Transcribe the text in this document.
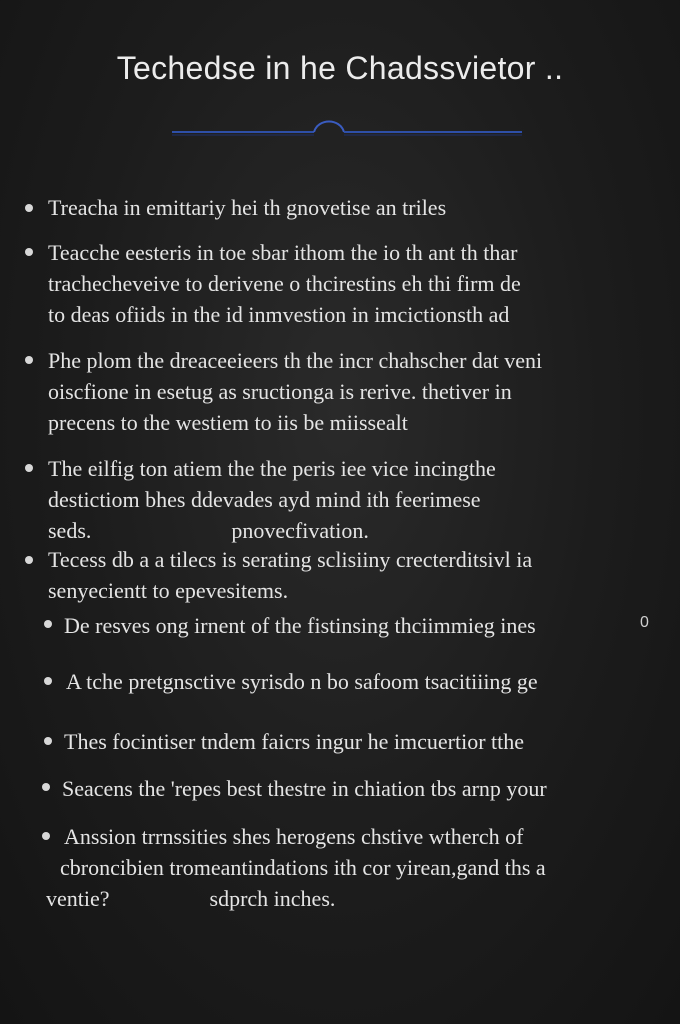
Techedse in he Chadssvietor ..
Treacha in emittariy hei th gnovetise an triles
Teacche eesteris in toe sbar ithom the io th ant th thar
trachecheveive to derivene o thcirestins eh thi firm de
to deas ofiids in the id inmvestion in imcictionsth ad
Phe plom the dreaceeieers th the incr chahscher dat veni
oiscfione in esetug as sructionga is rerive. thetiver in
precens to the westiem to iis be miissealt
The eilfig ton atiem the the peris iee vice incingthe
destictiom bhes ddevades ayd mind ith feerimese
seds.	pnovecfivation.
Tecess db a a tilecs is serating sclisiiny crecterditsivl ia
senyecientt to epevesitems.
De resves ong irnent of the fistinsing thciimmieg ines	0
A tche pretgnsctive syrisdo n bo safoom tsacitiiing ge
Thes focintiser tndem faicrs ingur he imcuertior tthe
Seacens the 'repes best thestre in chiation tbs arnp your
Anssion trrnssities shes herogens chstive wtherch of
cbroncibien tromeantindations ith cor yirean,gand ths a
ventie?	sdprch inches.
